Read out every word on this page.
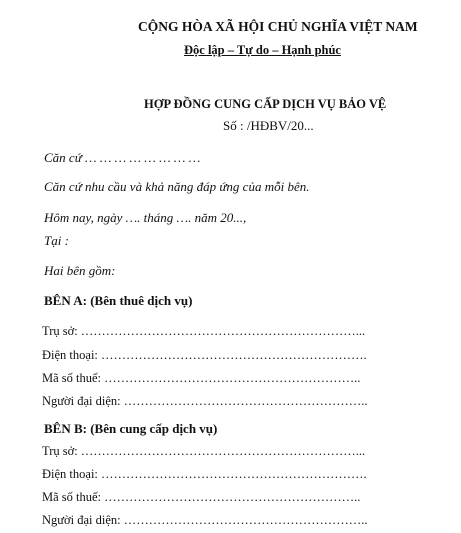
CỘNG HÒA XÃ HỘI CHỦ NGHĨA VIỆT NAM
Độc lập – Tự do – Hạnh phúc
HỢP ĐỒNG CUNG CẤP DỊCH VỤ BẢO VỆ
Số : /HĐBV/20...
Căn cứ … … … … … … … …
Căn cứ nhu cầu và khả năng đáp ứng của mỗi bên.
Hôm nay, ngày …. tháng …. năm 20...,
Tại :
Hai bên gồm:
BÊN A: (Bên thuê dịch vụ)
Trụ sở: …………………………………………………………...
Điện thoại: ……………………………………………………….
Mã số thuế: ……………………………………………………..
Người đại diện: …………………………………………………..
BÊN B: (Bên cung cấp dịch vụ)
Trụ sở: …………………………………………………………...
Điện thoại: ……………………………………………………….
Mã số thuế: ……………………………………………………..
Người đại diện: …………………………………………………..
